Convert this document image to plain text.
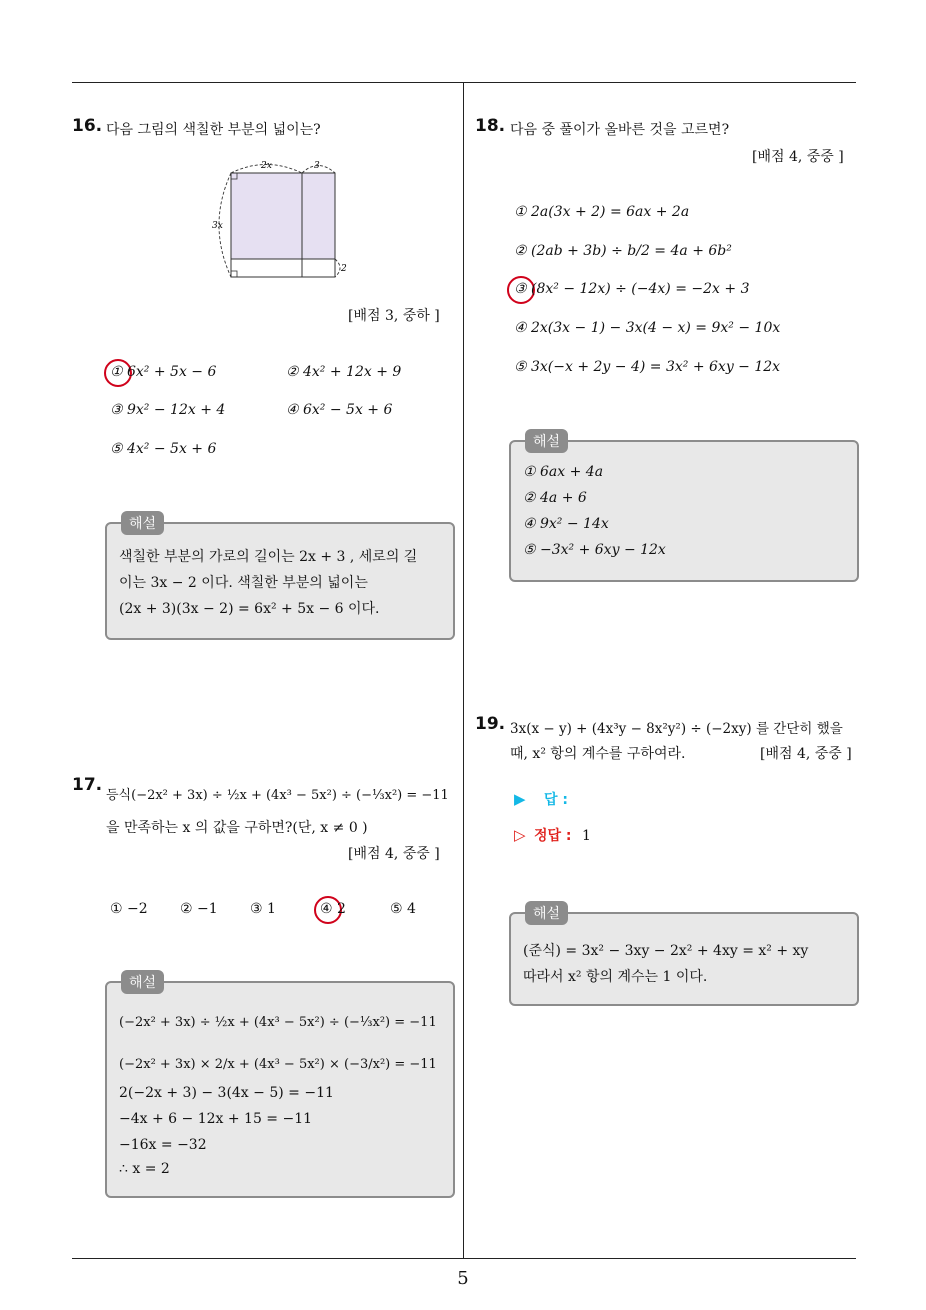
16. 다음 그림의 색칠한 부분의 넓이는?
2x	3
3x
2
[배점 3, 중하 ]
① 6x² + 5x − 6	② 4x² + 12x + 9
③ 9x² − 12x + 4	④ 6x² − 5x + 6
⑤ 4x² − 5x + 6
해설
색칠한 부분의 가로의 길이는 2x + 3 , 세로의 길
이는 3x − 2 이다. 색칠한 부분의 넓이는
(2x + 3)(3x − 2) = 6x² + 5x − 6 이다.
17.
등식(−2x² + 3x) ÷ ½x + (4x³ − 5x²) ÷ (−⅓x²) = −11
을 만족하는 x 의 값을 구하면?(단, x ≠ 0 )
[배점 4, 중중 ]
① −2 ② −1 ③ 1	④ 2	⑤ 4
해설
(−2x² + 3x) ÷ ½x + (4x³ − 5x²) ÷ (−⅓x²) = −11
(−2x² + 3x) × 2/x + (4x³ − 5x²) × (−3/x²) = −11
2(−2x + 3) − 3(4x − 5) = −11
−4x + 6 − 12x + 15 = −11
−16x = −32
∴ x = 2
18. 다음 중 풀이가 올바른 것을 고르면?
[배점 4, 중중 ]
① 2a(3x + 2) = 6ax + 2a
② (2ab + 3b) ÷ b/2 = 4a + 6b²
③ (8x² − 12x) ÷ (−4x) = −2x + 3
④ 2x(3x − 1) − 3x(4 − x) = 9x² − 10x
⑤ 3x(−x + 2y − 4) = 3x² + 6xy − 12x
해설
① 6ax + 4a
② 4a + 6
④ 9x² − 14x
⑤ −3x² + 6xy − 12x
19. 3x(x − y) + (4x³y − 8x²y²) ÷ (−2xy) 를 간단히 했을
때, x² 항의 계수를 구하여라.	[배점 4, 중중 ]
▶ 답 :
▷ 정답 : 1
해설
(준식) = 3x² − 3xy − 2x² + 4xy = x² + xy
따라서 x² 항의 계수는 1 이다.
5
